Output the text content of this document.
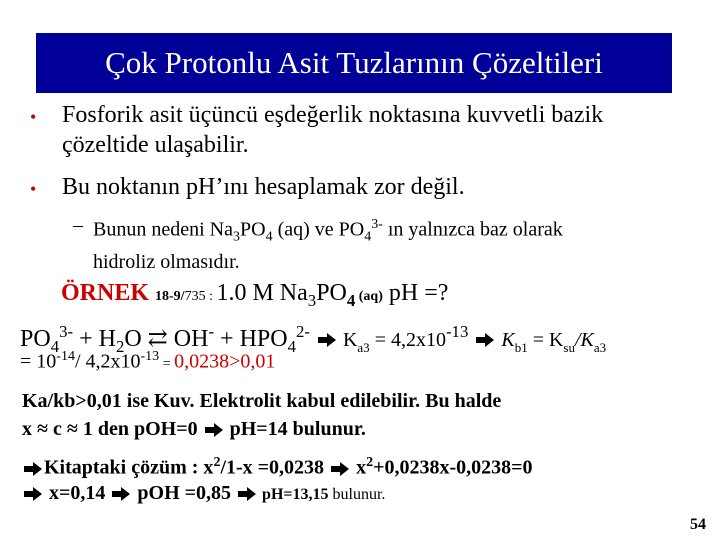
Çok Protonlu Asit Tuzlarının Çözeltileri
•	Fosforik asit üçüncü eşdeğerlik noktasına kuvvetli bazik çözeltide ulaşabilir.
•	Bu noktanın pH’ını hesaplamak zor değil.
– Bunun nedeni $Na_3PO_4$ (aq) ve $PO_4^{3-}$ ın yalnızca baz olarak hidroliz olmasıdır.
ÖRNEK 18-9/735 : 1.0 M $Na_3PO_4$ (aq) pH =?
$PO_4^{3-} + H_2O$ ⇄ $OH^- + HPO_4^{2-}$  $K_{a3} = 4,2x10^{-13}$  $K_{b1} = K_{su}/K_{a3}$
= $10^{-14}/$ $4,2x10^{-13} = 0,0238>0,01$
Ka/kb>0,01 ise Kuv. Elektrolit kabul edilebilir. Bu halde
x ≈ c ≈ 1 den pOH=0  pH=14 bulunur.
Kitaptaki çözüm : $x^2/1-x =0,0238$  $x^2+0,0238x-0,0238=0$
x=0,14  pOH =0,85  pH=13,15 bulunur.
54
